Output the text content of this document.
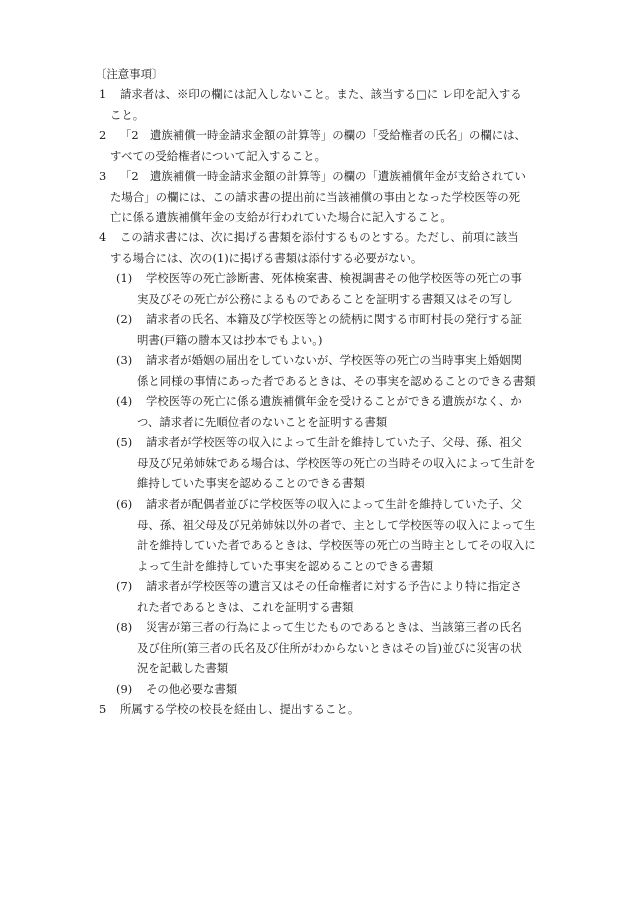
〔注意事項〕
1 請求者は、※印の欄には記入しないこと。また、該当する□に レ印を記入する
こと。
2 「2　遺族補償一時金請求金額の計算等」の欄の「受給権者の氏名」の欄には、
すべての受給権者について記入すること。
3 「2　遺族補償一時金請求金額の計算等」の欄の「遺族補償年金が支給されてい
た場合」の欄には、この請求書の提出前に当該補償の事由となった学校医等の死
亡に係る遺族補償年金の支給が行われていた場合に記入すること。
4 この請求書には、次に掲げる書類を添付するものとする。ただし、前項に該当
する場合には、次の(1)に掲げる書類は添付する必要がない。
(1) 学校医等の死亡診断書、死体検案書、検視調書その他学校医等の死亡の事
実及びその死亡が公務によるものであることを証明する書類又はその写し
(2) 請求者の氏名、本籍及び学校医等との続柄に関する市町村長の発行する証
明書(戸籍の謄本又は抄本でもよい。)
(3) 請求者が婚姻の届出をしていないが、学校医等の死亡の当時事実上婚姻関
係と同様の事情にあった者であるときは、その事実を認めることのできる書類
(4) 学校医等の死亡に係る遺族補償年金を受けることができる遺族がなく、か
つ、請求者に先順位者のないことを証明する書類
(5) 請求者が学校医等の収入によって生計を維持していた子、父母、孫、祖父
母及び兄弟姉妹である場合は、学校医等の死亡の当時その収入によって生計を
維持していた事実を認めることのできる書類
(6) 請求者が配偶者並びに学校医等の収入によって生計を維持していた子、父
母、孫、祖父母及び兄弟姉妹以外の者で、主として学校医等の収入によって生
計を維持していた者であるときは、学校医等の死亡の当時主としてその収入に
よって生計を維持していた事実を認めることのできる書類
(7) 請求者が学校医等の遺言又はその任命権者に対する予告により特に指定さ
れた者であるときは、これを証明する書類
(8) 災害が第三者の行為によって生じたものであるときは、当該第三者の氏名
及び住所(第三者の氏名及び住所がわからないときはその旨)並びに災害の状
況を記載した書類
(9) その他必要な書類
5 所属する学校の校長を経由し、提出すること。
